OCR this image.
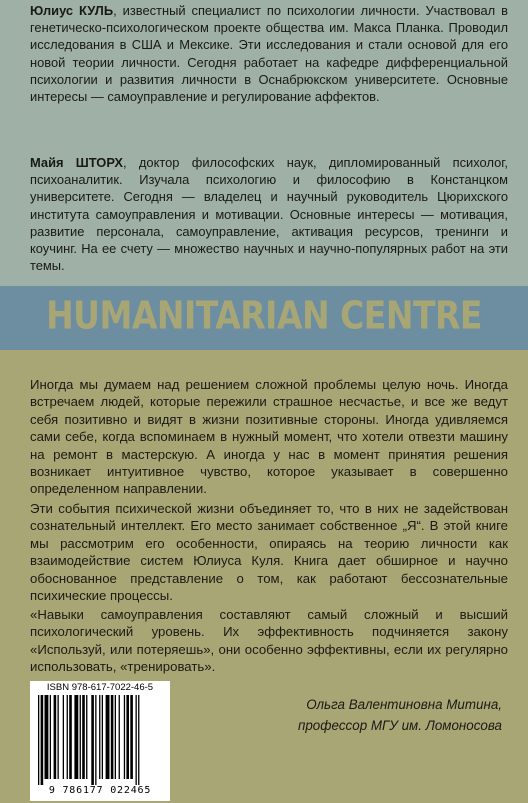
Юлиус КУЛЬ, известный специалист по психологии личности. Участвовал в генетическо-психологическом проекте общества им. Макса Планка. Проводил исследования в США и Мексике. Эти исследования и стали основой для его новой теории личности. Сегодня работает на кафедре дифференциальной психологии и развития личности в Оснабрюкском университете. Основные интересы — самоуправление и регулирование аффектов.

Майя ШТОРХ, доктор философских наук, дипломированный психолог, психоаналитик. Изучала психологию и философию в Констанцком университете. Сегодня — владелец и научный руководитель Цюрихского института самоуправления и мотивации. Основные интересы — мотивация, развитие персонала, самоуправление, активация ресурсов, тренинги и коучинг. На ее счету — множество научных и научно-популярных работ на эти темы.

HUMANITARIAN CENTRE

Иногда мы думаем над решением сложной проблемы целую ночь. Иногда встречаем людей, которые пережили страшное несчастье, и все же ведут себя позитивно и видят в жизни позитивные стороны. Иногда удивляемся сами себе, когда вспоминаем в нужный момент, что хотели отвезти машину на ремонт в мастерскую. А иногда у нас в момент принятия решения возникает интуитивное чувство, которое указывает в совершенно определенном направлении.

Эти события психической жизни объединяет то, что в них не задействован сознательный интеллект. Его место занимает собственное „Я“. В этой книге мы рассмотрим его особенности, опираясь на теорию личности как взаимодействие систем Юлиуса Куля. Книга дает обширное и научно обоснованное представление о том, как работают бессознательные психические процессы.

«Навыки самоуправления составляют самый сложный и высший психологический уровень. Их эффективность подчиняется закону «Используй, или потеряешь», они особенно эффективны, если их регулярно использовать, «тренировать».

ISBN 978-617-7022-46-5
9 786177 022465
Ольга Валентиновна Митина,
профессор МГУ им. Ломоносова
